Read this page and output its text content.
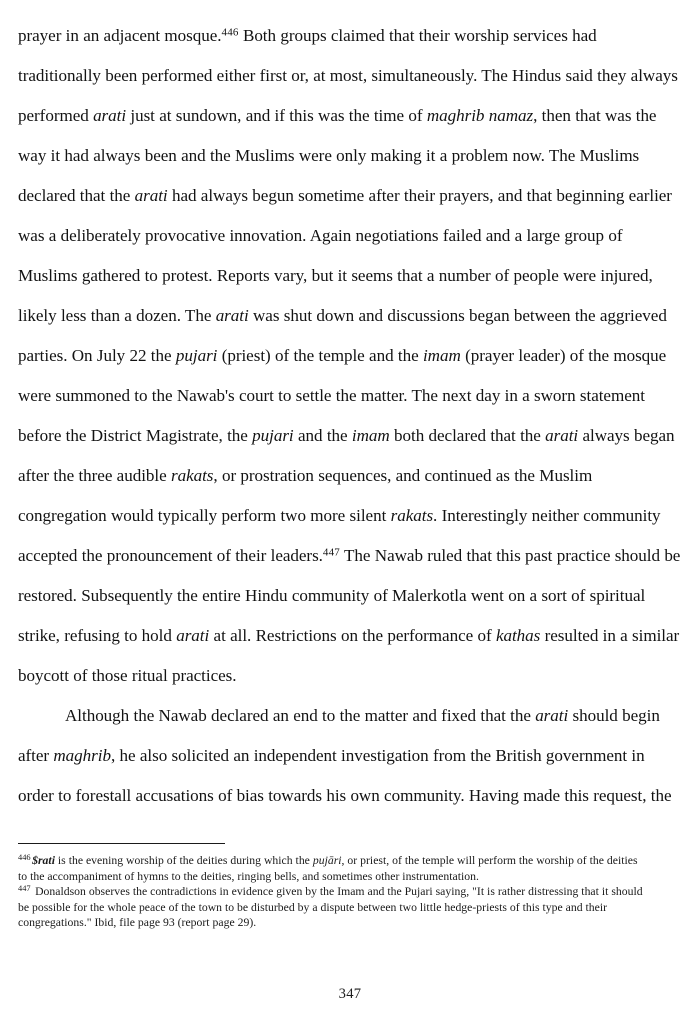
prayer in an adjacent mosque.$^{446}$ Both groups claimed that their worship services had traditionally been performed either first or, at most, simultaneously. The Hindus said they always performed arati just at sundown, and if this was the time of maghrib namaz, then that was the way it had always been and the Muslims were only making it a problem now. The Muslims declared that the arati had always begun sometime after their prayers, and that beginning earlier was a deliberately provocative innovation. Again negotiations failed and a large group of Muslims gathered to protest. Reports vary, but it seems that a number of people were injured, likely less than a dozen. The arati was shut down and discussions began between the aggrieved parties. On July 22 the pujari (priest) of the temple and the imam (prayer leader) of the mosque were summoned to the Nawab's court to settle the matter. The next day in a sworn statement before the District Magistrate, the pujari and the imam both declared that the arati always began after the three audible rakats, or prostration sequences, and continued as the Muslim congregation would typically perform two more silent rakats. Interestingly neither community accepted the pronouncement of their leaders.$^{447}$ The Nawab ruled that this past practice should be restored. Subsequently the entire Hindu community of Malerkotla went on a sort of spiritual strike, refusing to hold arati at all. Restrictions on the performance of kathas resulted in a similar boycott of those ritual practices.

Although the Nawab declared an end to the matter and fixed that the arati should begin after maghrib, he also solicited an independent investigation from the British government in order to forestall accusations of bias towards his own community. Having made this request, the

$^{446}$ $rati is the evening worship of the deities during which the pujāri, or priest, of the temple will perform the worship of the deities to the accompaniment of hymns to the deities, ringing bells, and sometimes other instrumentation.

$^{447}$ Donaldson observes the contradictions in evidence given by the Imam and the Pujari saying, "It is rather distressing that it should be possible for the whole peace of the town to be disturbed by a dispute between two little hedge-priests of this type and their congregations." Ibid, file page 93 (report page 29).

347
